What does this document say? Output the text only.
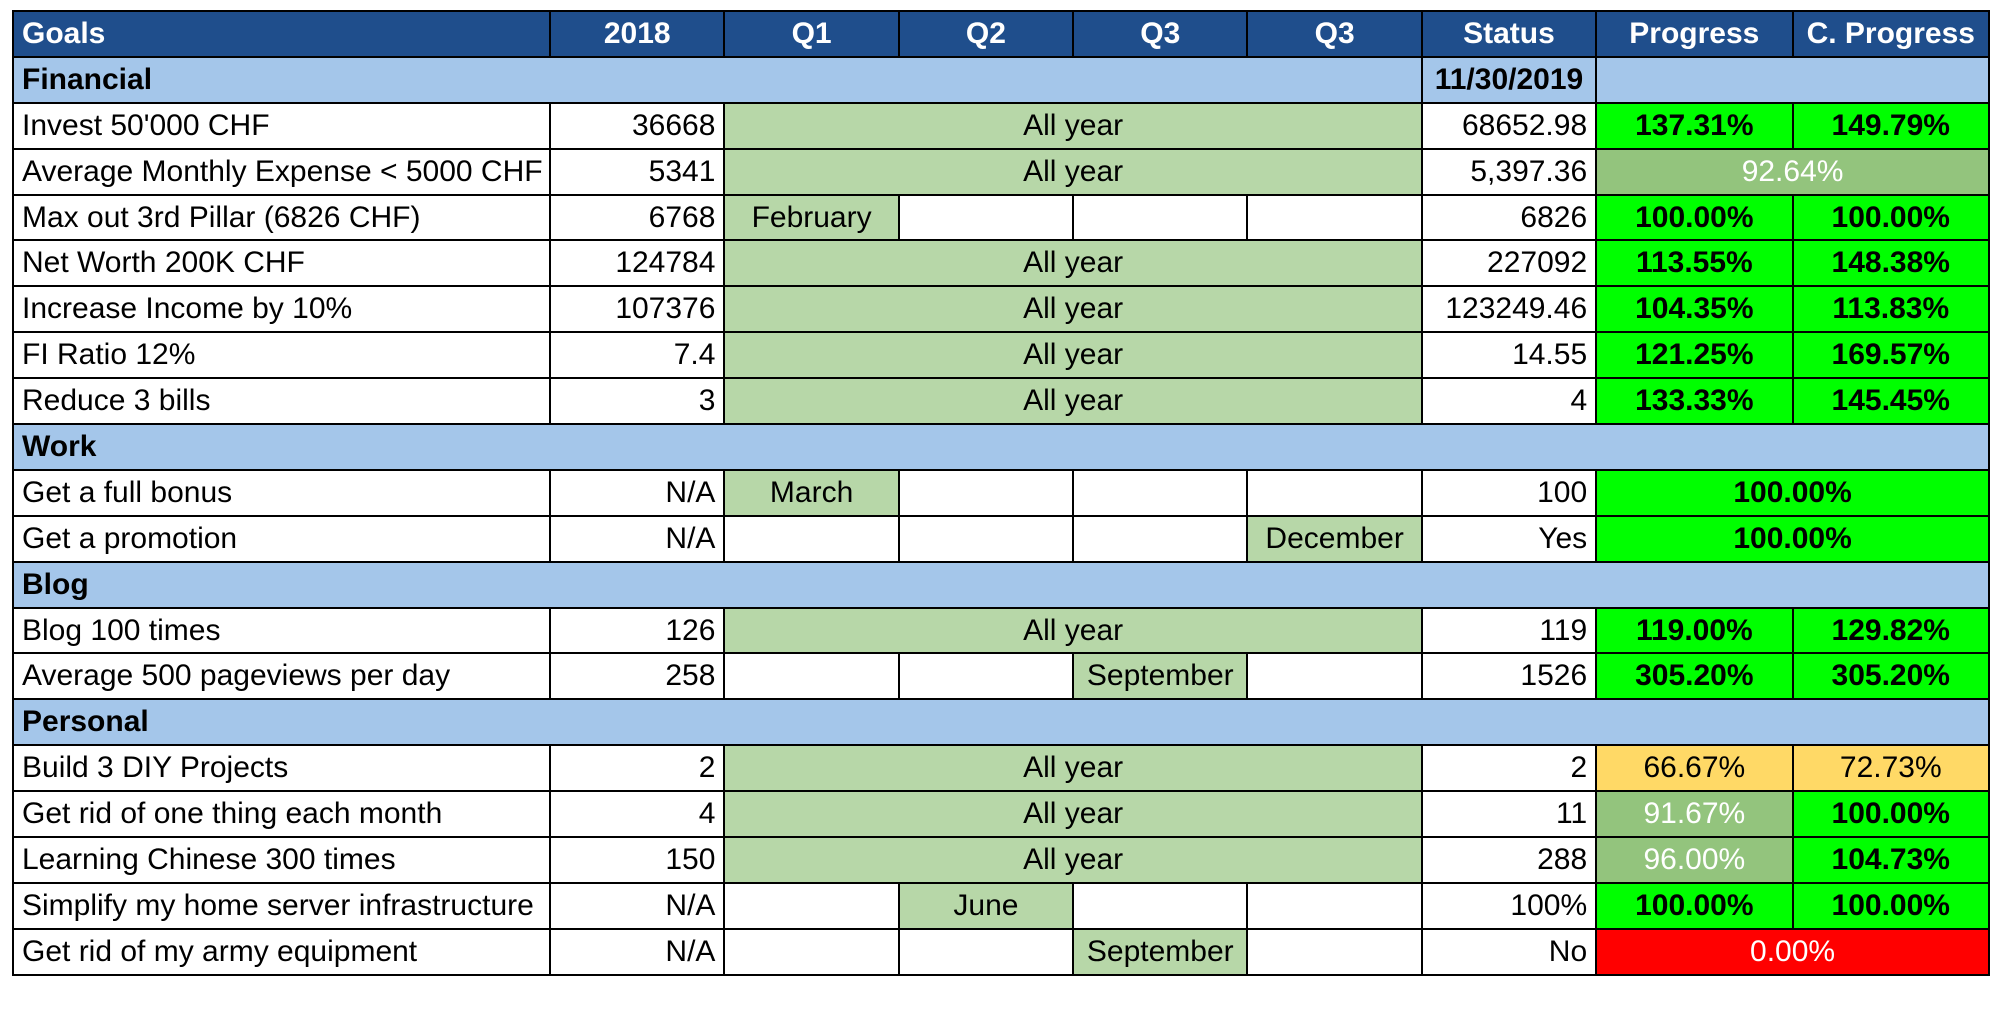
Goals	2018	Q1	Q2	Q3	Q3	Status	Progress	C. Progress
Financial						11/30/2019		
Invest 50'000 CHF	36668	All year				68652.98	137.31%	149.79%
Average Monthly Expense < 5000 CHF	5341	All year				5,397.36	92.64%	
Max out 3rd Pillar (6826 CHF)	6768	February				6826	100.00%	100.00%
Net Worth 200K CHF	124784	All year				227092	113.55%	148.38%
Increase Income by 10%	107376	All year				123249.46	104.35%	113.83%
FI Ratio 12%	7.4	All year				14.55	121.25%	169.57%
Reduce 3 bills	3	All year				4	133.33%	145.45%
Work								
Get a full bonus	N/A	March				100	100.00%	
Get a promotion	N/A				December	Yes	100.00%	
Blog								
Blog 100 times	126	All year				119	119.00%	129.82%
Average 500 pageviews per day	258			September		1526	305.20%	305.20%
Personal								
Build 3 DIY Projects	2	All year				2	66.67%	72.73%
Get rid of one thing each month	4	All year				11	91.67%	100.00%
Learning Chinese 300 times	150	All year				288	96.00%	104.73%
Simplify my home server infrastructure	N/A		June			100%	100.00%	100.00%
Get rid of my army equipment	N/A			September		No	0.00%	
